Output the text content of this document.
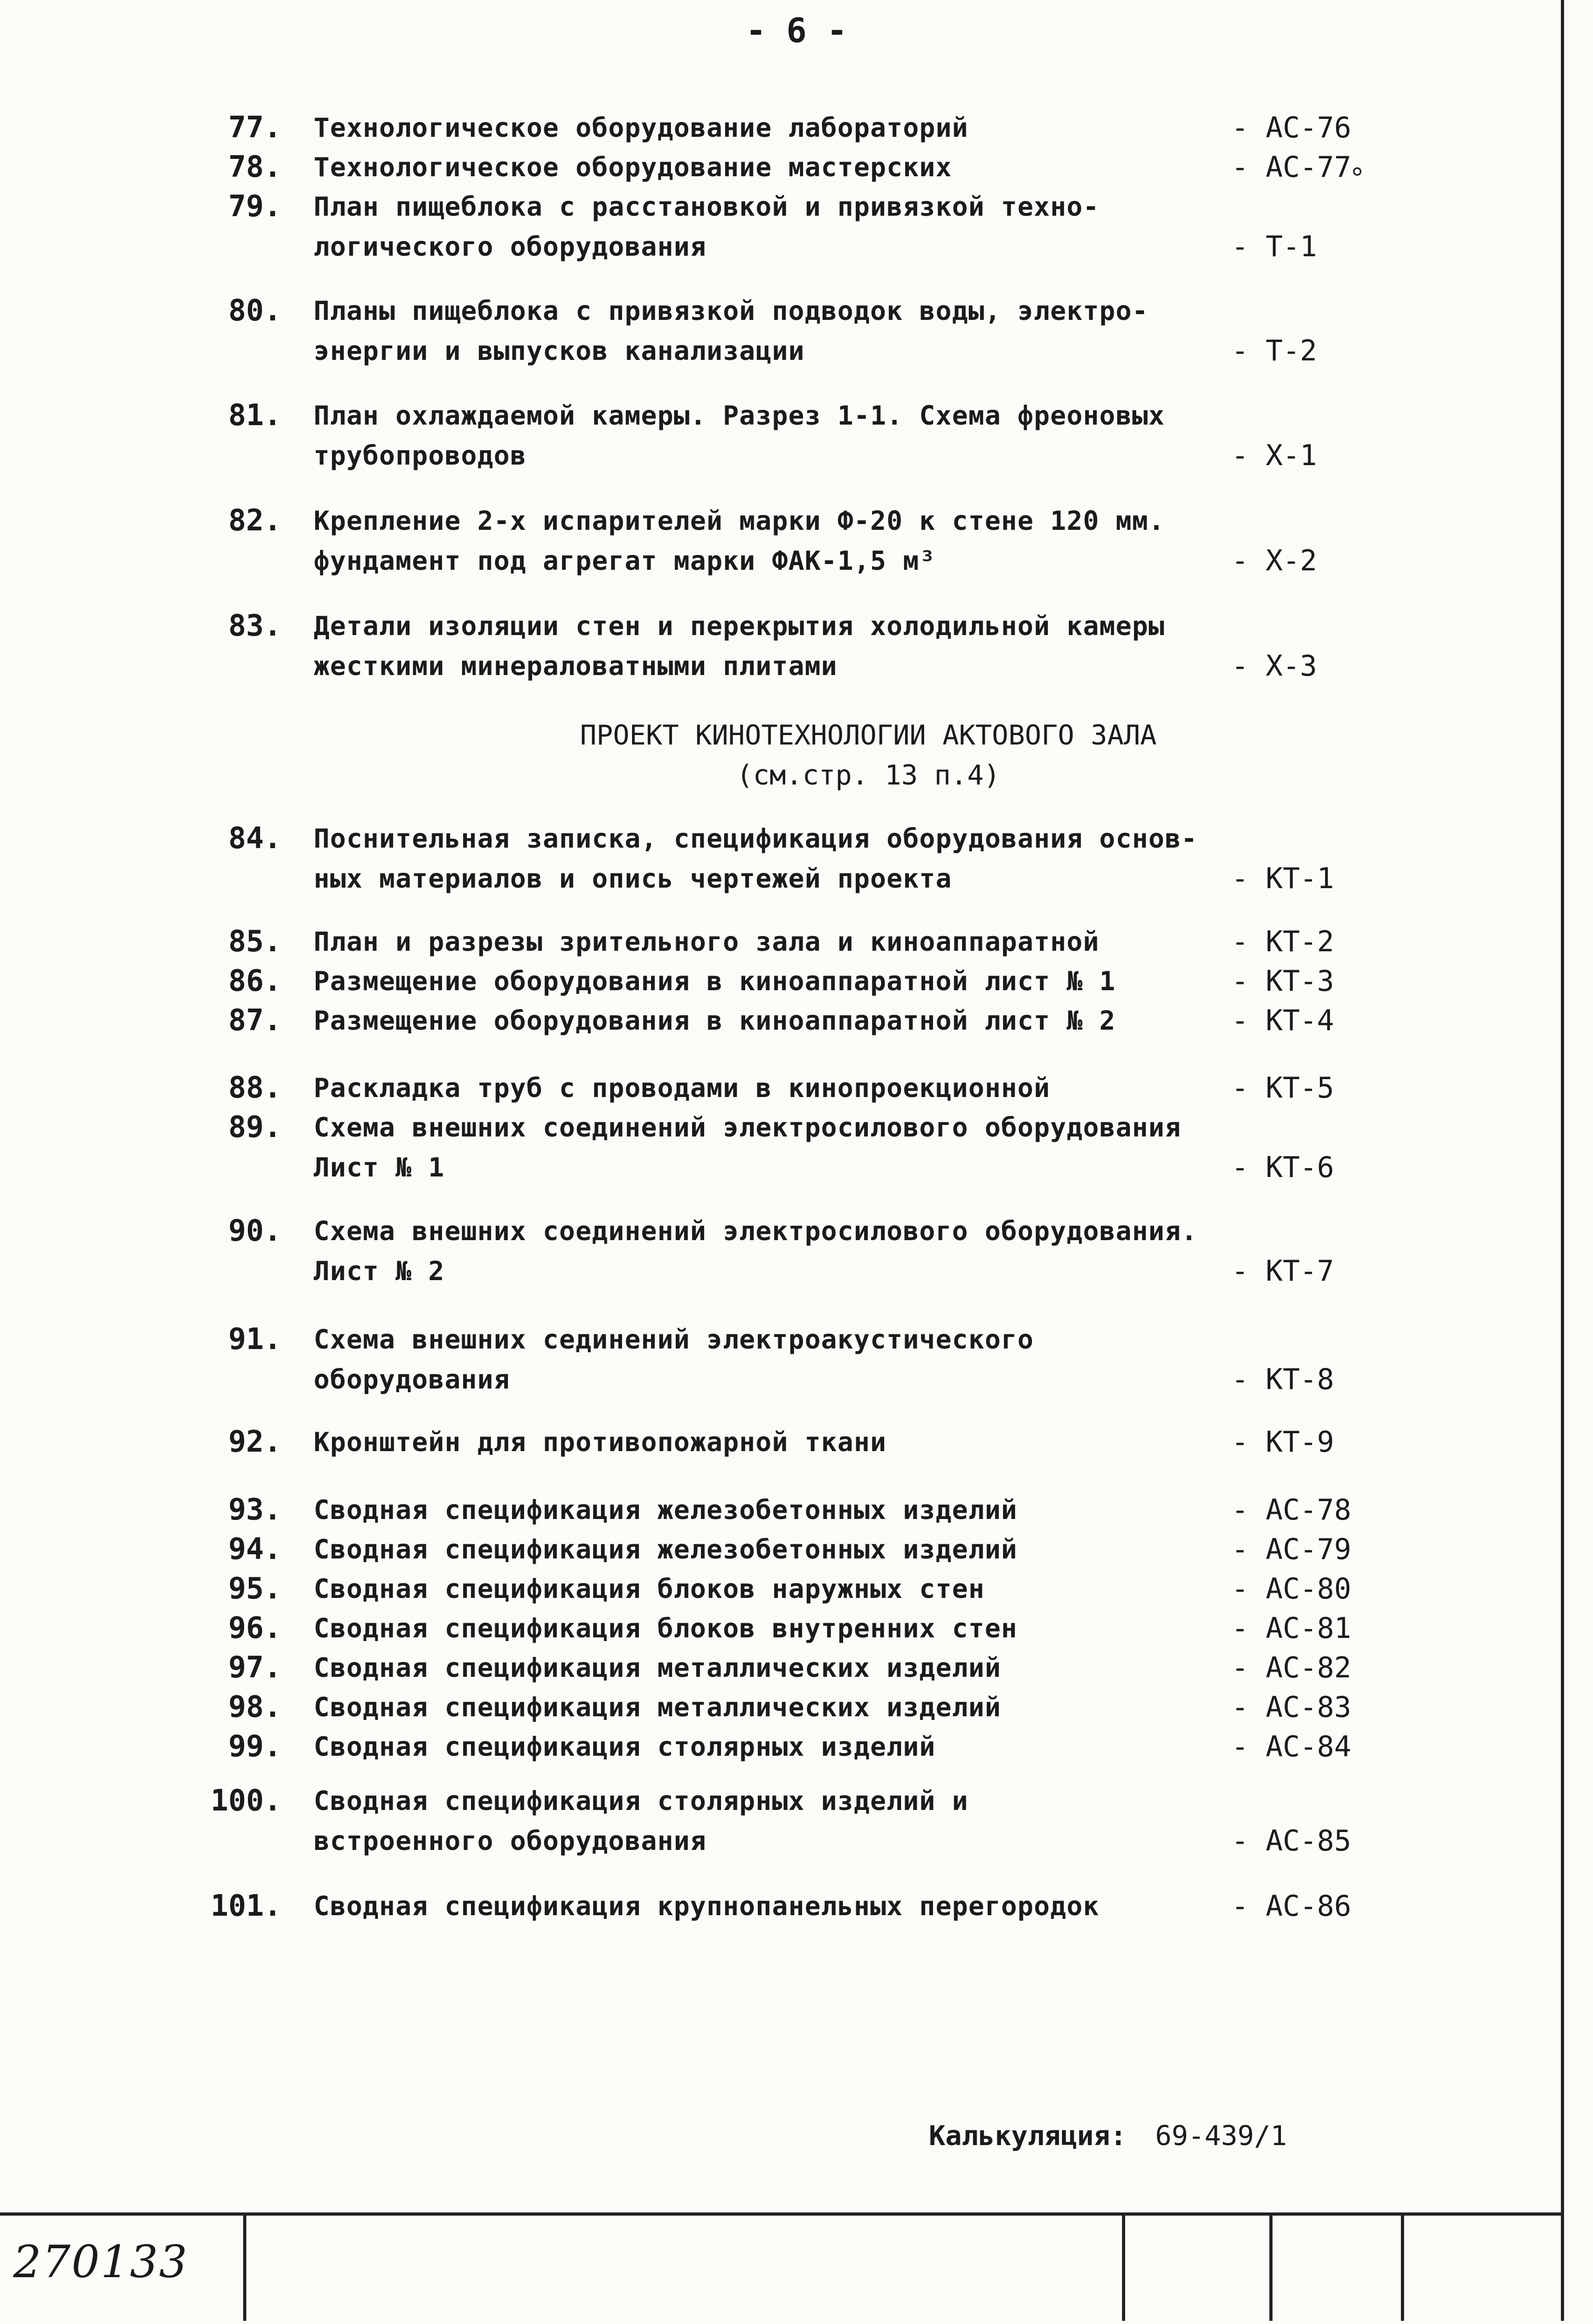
- 6 -
77. Технологическое оборудование лабораторий	- АС-76
78. Технологическое оборудование мастерских	- АС-77
79. План пищеблока с расстановкой и привязкой техно-
логического оборудования	- Т-1
80. Планы пищеблока с привязкой подводок воды, электро-
энергии и выпусков канализации	- Т-2
81. План охлаждаемой камеры. Разрез 1-1. Схема фреоновых
трубопроводов	- Х-1
82. Крепление 2-х испарителей марки Ф-20 к стене 120 мм.
фундамент под агрегат марки ФАК-1,5 м³	- Х-2
83. Детали изоляции стен и перекрытия холодильной камеры
жесткими минераловатными плитами	- Х-3
ПРОЕКТ КИНОТЕХНОЛОГИИ АКТОВОГО ЗАЛА
(см.стр. 13 п.4)
84. Поснительная записка, спецификация оборудования основ-
ных материалов и опись чертежей проекта	- КТ-1
85. План и разрезы зрительного зала и киноаппаратной	- КТ-2
86. Размещение оборудования в киноаппаратной лист № 1	- КТ-3
87. Размещение оборудования в киноаппаратной лист № 2	- КТ-4
88. Раскладка труб с проводами в кинопроекционной	- КТ-5
89. Схема внешних соединений электросилового оборудования
Лист № 1	- КТ-6
90. Схема внешних соединений электросилового оборудования.
Лист № 2	- КТ-7
91. Схема внешних сединений электроакустического
оборудования	- КТ-8
92. Кронштейн для противопожарной ткани	- КТ-9
93. Сводная спецификация железобетонных изделий	- АС-78
94. Сводная спецификация железобетонных изделий	- АС-79
95. Сводная спецификация блоков наружных стен	- АС-80
96. Сводная спецификация блоков внутренних стен	- АС-81
97. Сводная спецификация металлических изделий	- АС-82
98. Сводная спецификация металлических изделий	- АС-83
99. Сводная спецификация столярных изделий	- АС-84
100. Сводная спецификация столярных изделий и
встроенного оборудования	- АС-85
101. Сводная спецификация крупнопанельных перегородок	- АС-86
Калькуляция: 69-439/1
270133
